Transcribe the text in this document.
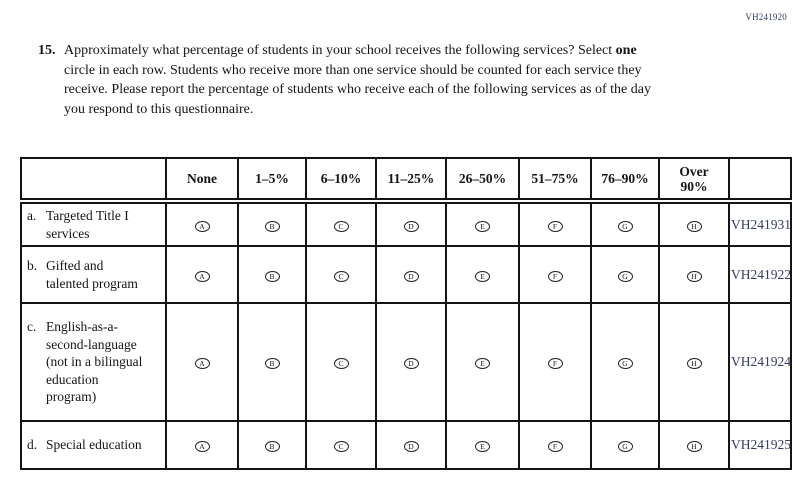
VH241920
15. Approximately what percentage of students in your school receives the following services? Select one circle in each row. Students who receive more than one service should be counted for each service they receive. Please report the percentage of students who receive each of the following services as of the day you respond to this questionnaire.
	None	1–5%	6–10%	11–25%	26–50%	51–75%	76–90%	Over 90%	
a. Targeted Title I services	A	B	C	D	E	F	G	H	VH241931
b. Gifted and talented program	A	B	C	D	E	F	G	H	VH241922
c. English-as-a-second-language (not in a bilingual education program)	A	B	C	D	E	F	G	H	VH241924
d. Special education	A	B	C	D	E	F	G	H	VH241925
